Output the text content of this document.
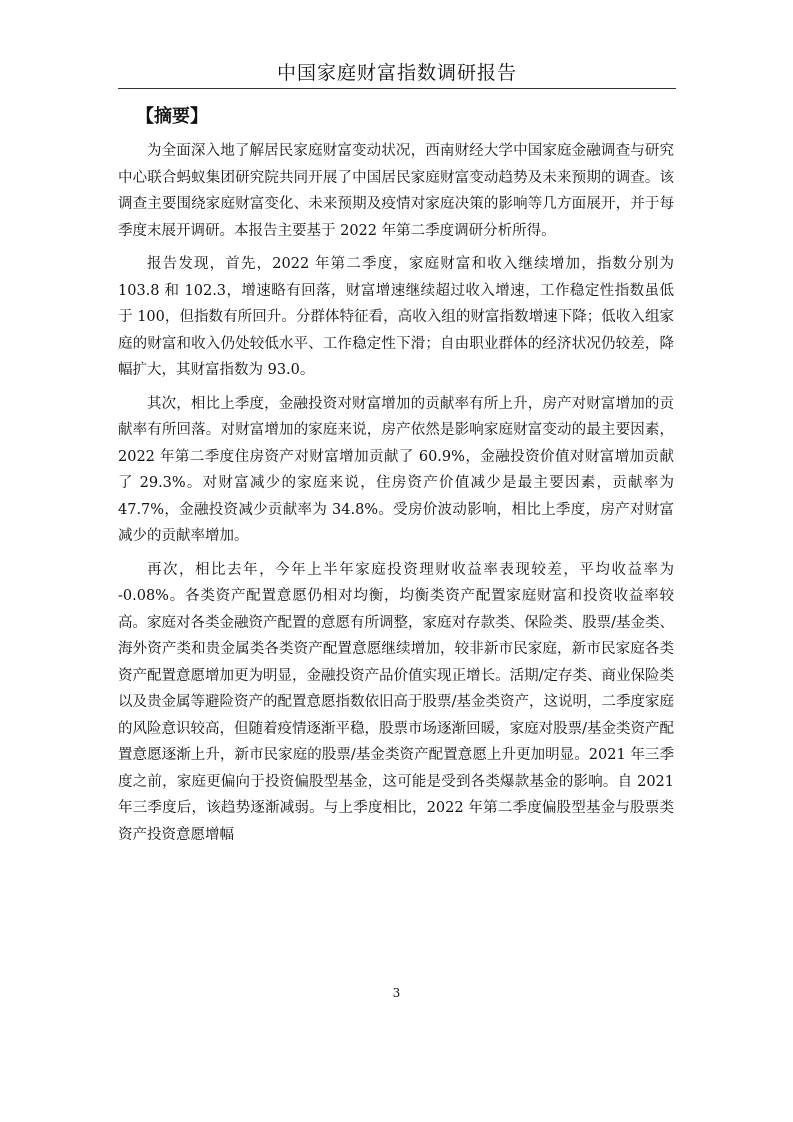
中国家庭财富指数调研报告
【摘要】

为全面深入地了解居民家庭财富变动状况，西南财经大学中国家庭金融调查与研究中心联合蚂蚁集团研究院共同开展了中国居民家庭财富变动趋势及未来预期的调查。该调查主要围绕家庭财富变化、未来预期及疫情对家庭决策的影响等几方面展开，并于每季度末展开调研。本报告主要基于 2022 年第二季度调研分析所得。

报告发现，首先，2022 年第二季度，家庭财富和收入继续增加，指数分别为 103.8 和 102.3，增速略有回落，财富增速继续超过收入增速，工作稳定性指数虽低于 100，但指数有所回升。分群体特征看，高收入组的财富指数增速下降；低收入组家庭的财富和收入仍处较低水平、工作稳定性下滑；自由职业群体的经济状况仍较差，降幅扩大，其财富指数为 93.0。

其次，相比上季度，金融投资对财富增加的贡献率有所上升，房产对财富增加的贡献率有所回落。对财富增加的家庭来说，房产依然是影响家庭财富变动的最主要因素，2022 年第二季度住房资产对财富增加贡献了 60.9%，金融投资价值对财富增加贡献了 29.3%。对财富减少的家庭来说，住房资产价值减少是最主要因素，贡献率为 47.7%，金融投资减少贡献率为 34.8%。受房价波动影响，相比上季度，房产对财富减少的贡献率增加。

再次，相比去年，今年上半年家庭投资理财收益率表现较差，平均收益率为 -0.08%。各类资产配置意愿仍相对均衡，均衡类资产配置家庭财富和投资收益率较高。家庭对各类金融资产配置的意愿有所调整，家庭对存款类、保险类、股票/基金类、海外资产类和贵金属类各类资产配置意愿继续增加，较非新市民家庭，新市民家庭各类资产配置意愿增加更为明显，金融投资产品价值实现正增长。活期/定存类、商业保险类以及贵金属等避险资产的配置意愿指数依旧高于股票/基金类资产，这说明，二季度家庭的风险意识较高，但随着疫情逐渐平稳，股票市场逐渐回暖，家庭对股票/基金类资产配置意愿逐渐上升，新市民家庭的股票/基金类资产配置意愿上升更加明显。2021 年三季度之前，家庭更偏向于投资偏股型基金，这可能是受到各类爆款基金的影响。自 2021 年三季度后，该趋势逐渐减弱。与上季度相比，2022 年第二季度偏股型基金与股票类资产投资意愿增幅

3
